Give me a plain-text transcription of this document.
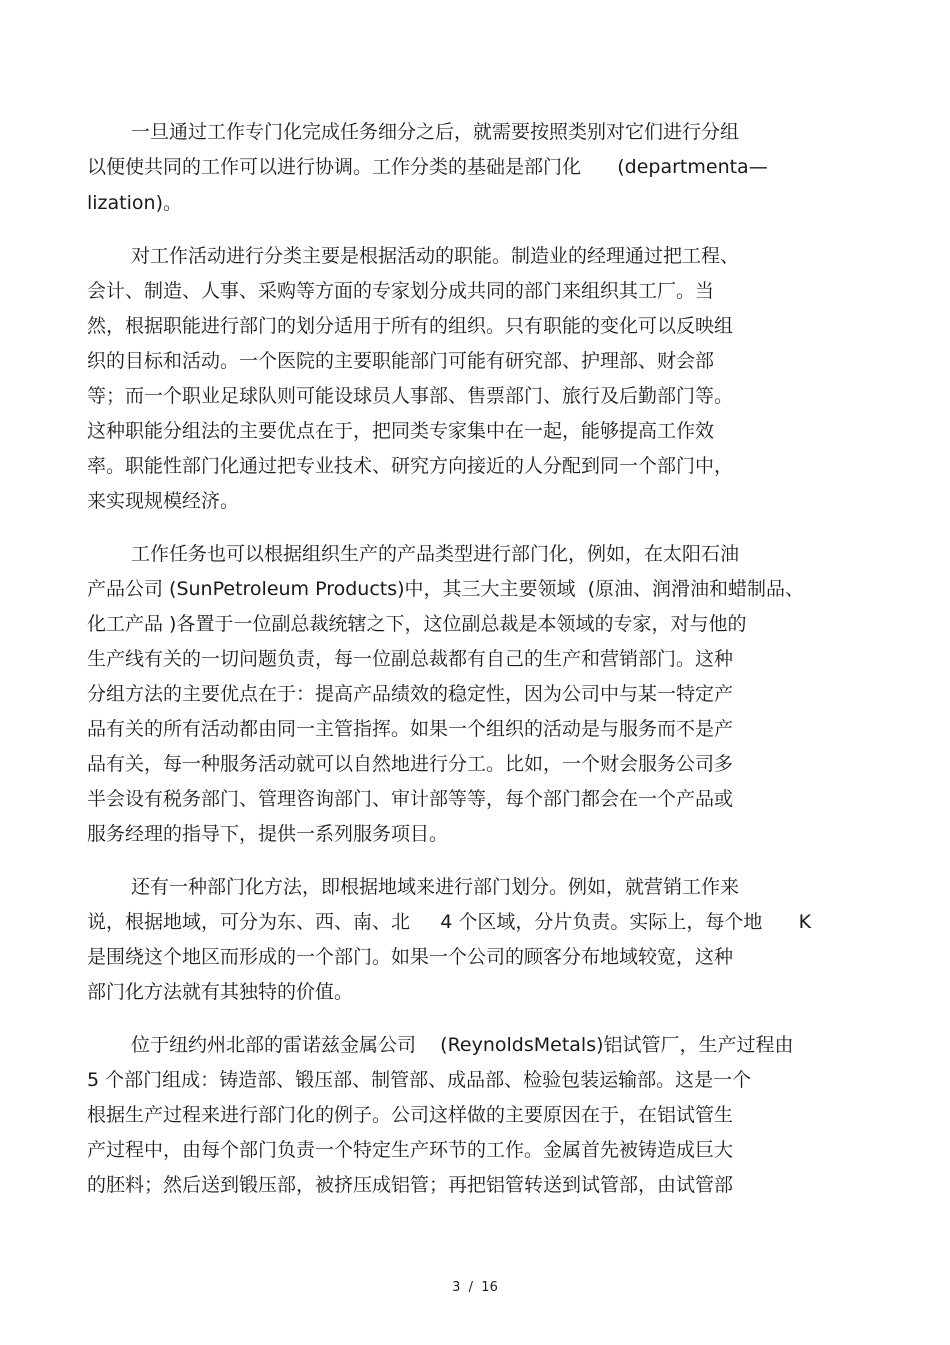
一旦通过工作专门化完成任务细分之后，就需要按照类别对它们进行分组
以便使共同的工作可以进行协调。工作分类的基础是部门化      (departmenta—
lization)。
对工作活动进行分类主要是根据活动的职能。制造业的经理通过把工程、
会计、制造、人事、采购等方面的专家划分成共同的部门来组织其工厂。当
然，根据职能进行部门的划分适用于所有的组织。只有职能的变化可以反映组
织的目标和活动。一个医院的主要职能部门可能有研究部、护理部、财会部
等；而一个职业足球队则可能设球员人事部、售票部门、旅行及后勤部门等。
这种职能分组法的主要优点在于，把同类专家集中在一起，能够提高工作效
率。职能性部门化通过把专业技术、研究方向接近的人分配到同一个部门中，
来实现规模经济。
工作任务也可以根据组织生产的产品类型进行部门化，例如，在太阳石油
产品公司 (SunPetroleum Products)中，其三大主要领域  (原油、润滑油和蜡制品、
化工产品 )各置于一位副总裁统辖之下，这位副总裁是本领域的专家，对与他的
生产线有关的一切问题负责，每一位副总裁都有自己的生产和营销部门。这种
分组方法的主要优点在于：提高产品绩效的稳定性，因为公司中与某一特定产
品有关的所有活动都由同一主管指挥。如果一个组织的活动是与服务而不是产
品有关，每一种服务活动就可以自然地进行分工。比如，一个财会服务公司多
半会设有税务部门、管理咨询部门、审计部等等，每个部门都会在一个产品或
服务经理的指导下，提供一系列服务项目。
还有一种部门化方法，即根据地域来进行部门划分。例如，就营销工作来
说，根据地域，可分为东、西、南、北     4 个区域，分片负责。实际上，每个地      K
是围绕这个地区而形成的一个部门。如果一个公司的顾客分布地域较宽，这种
部门化方法就有其独特的价值。
位于纽约州北部的雷诺兹金属公司    (ReynoldsMetals)铝试管厂，生产过程由
5 个部门组成：铸造部、锻压部、制管部、成品部、检验包装运输部。这是一个
根据生产过程来进行部门化的例子。公司这样做的主要原因在于，在铝试管生
产过程中，由每个部门负责一个特定生产环节的工作。金属首先被铸造成巨大
的胚料；然后送到锻压部，被挤压成铝管；再把铝管转送到试管部，由试管部
3  /  16
